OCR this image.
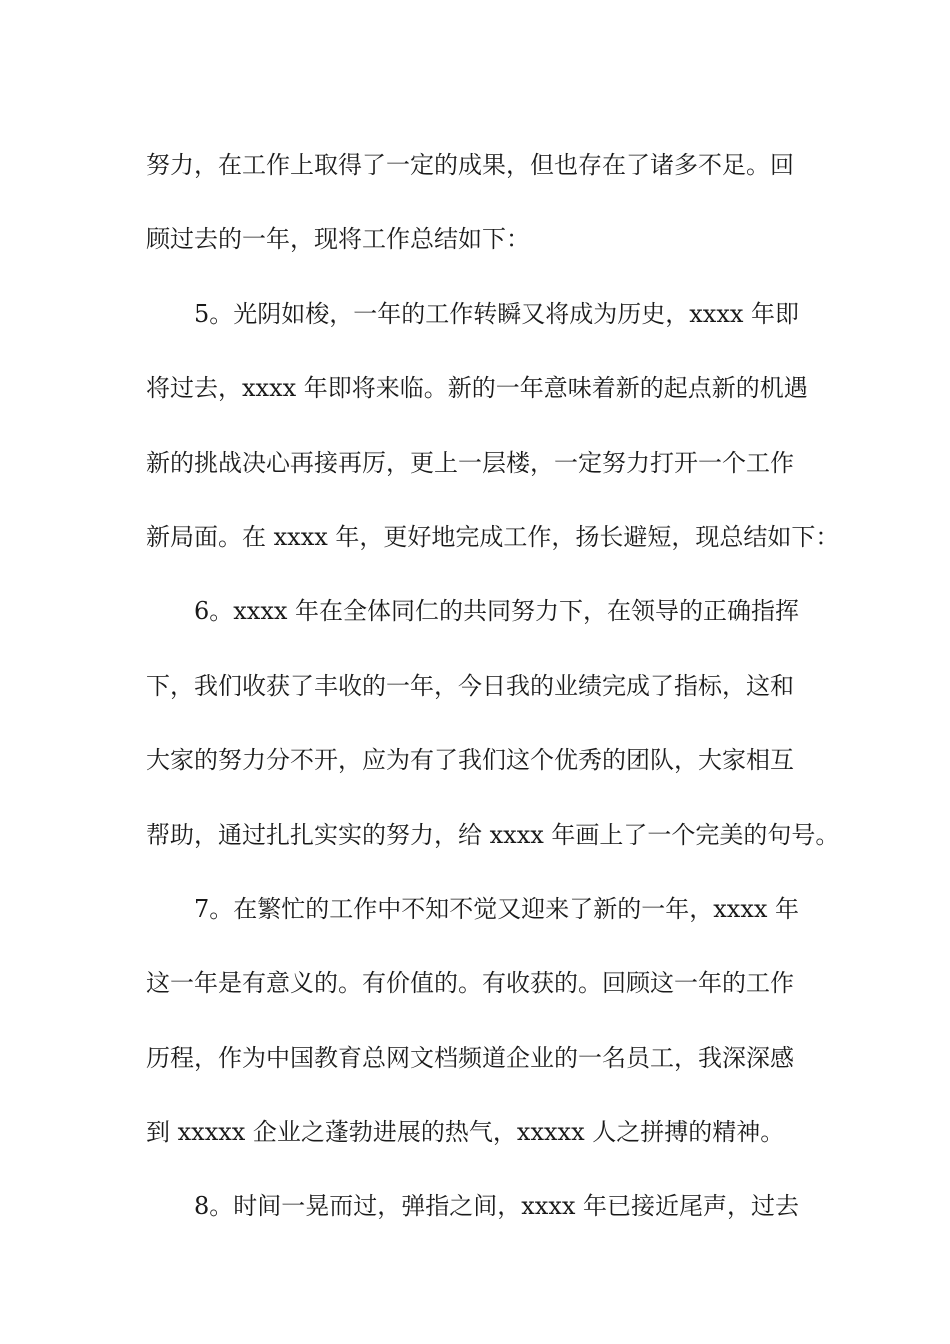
努力，在工作上取得了一定的成果，但也存在了诸多不足。回
顾过去的一年，现将工作总结如下：
5。光阴如梭，一年的工作转瞬又将成为历史，xxxx 年即
将过去，xxxx 年即将来临。新的一年意味着新的起点新的机遇
新的挑战决心再接再厉，更上一层楼，一定努力打开一个工作
新局面。在 xxxx 年，更好地完成工作，扬长避短，现总结如下：
6。xxxx 年在全体同仁的共同努力下，在领导的正确指挥
下，我们收获了丰收的一年，今日我的业绩完成了指标，这和
大家的努力分不开，应为有了我们这个优秀的团队，大家相互
帮助，通过扎扎实实的努力，给 xxxx 年画上了一个完美的句号。
7。在繁忙的工作中不知不觉又迎来了新的一年，xxxx 年
这一年是有意义的。有价值的。有收获的。回顾这一年的工作
历程，作为中国教育总网文档频道企业的一名员工，我深深感
到 xxxxx 企业之蓬勃进展的热气，xxxxx 人之拼搏的精神。
8。时间一晃而过，弹指之间，xxxx 年已接近尾声，过去
